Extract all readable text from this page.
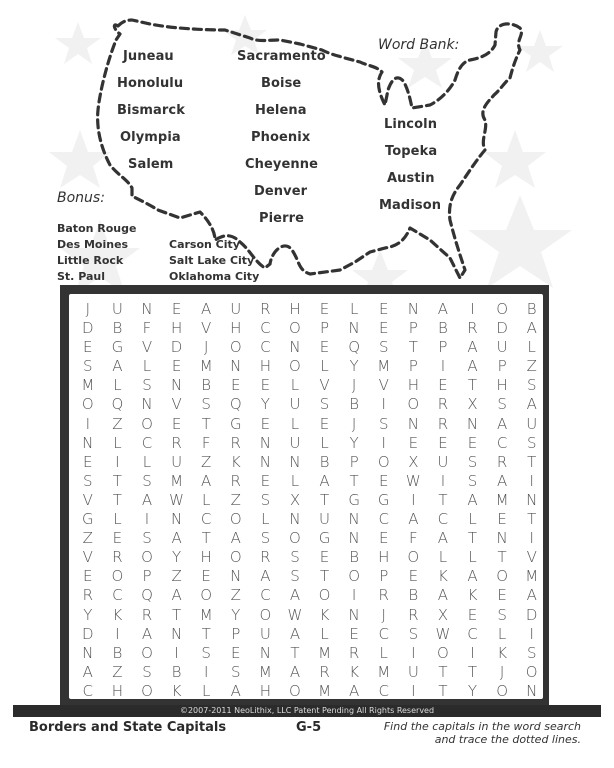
Word Bank:
Juneau
Honolulu
Bismarck
Olympia
Salem
Sacramento
Boise
Helena
Phoenix
Cheyenne
Denver
Pierre
Lincoln
Topeka
Austin
Madison
Bonus:
Baton Rouge
Des Moines
Little Rock
St. Paul
Carson City
Salt Lake City
Oklahoma City
J	U	N	E	A	U	R	H	E	L	E	N	A	I	O	B
D	B	F	H	V	H	C	O	P	N	E	P	B	R	D	A
E	G	V	D	J	O	C	N	E	Q	S	T	P	A	U	L
S	A	L	E	M	N	H	O	L	Y	M	P	I	A	P	Z
M	L	S	N	B	E	E	L	V	J	V	H	E	T	H	S
O	Q	N	V	S	Q	Y	U	S	B	I	O	R	X	S	A
I	Z	O	E	T	G	E	L	E	J	S	N	R	N	A	U
N	L	C	R	F	R	N	U	L	Y	I	E	E	E	C	S
E	I	L	U	Z	K	N	N	B	P	O	X	U	S	R	T
S	T	S	M	A	R	E	L	A	T	E	W	I	S	A	I
V	T	A	W	L	Z	S	X	T	G	G	I	T	A	M	N
G	L	I	N	C	O	L	N	U	N	C	A	C	L	E	T
Z	E	S	A	T	A	S	O	G	N	E	F	A	T	N	I
V	R	O	Y	H	O	R	S	E	B	H	O	L	L	T	V
E	O	P	Z	E	N	A	S	T	O	P	E	K	A	O	M
R	C	Q	A	O	Z	C	A	O	I	R	B	A	K	E	A
Y	K	R	T	M	Y	O	W	K	N	J	R	X	E	S	D
D	I	A	N	T	P	U	A	L	E	C	S	W	C	L	I
N	B	O	I	S	E	N	T	M	R	L	I	O	I	K	S
A	Z	S	B	I	S	M	A	R	K	M	U	T	T	J	O
C	H	O	K	L	A	H	O	M	A	C	I	T	Y	O	N
©2007-2011 NeoLithix, LLC Patent Pending All Rights Reserved
Borders and State Capitals	G-5	Find the capitals in the word search
and trace the dotted lines.
